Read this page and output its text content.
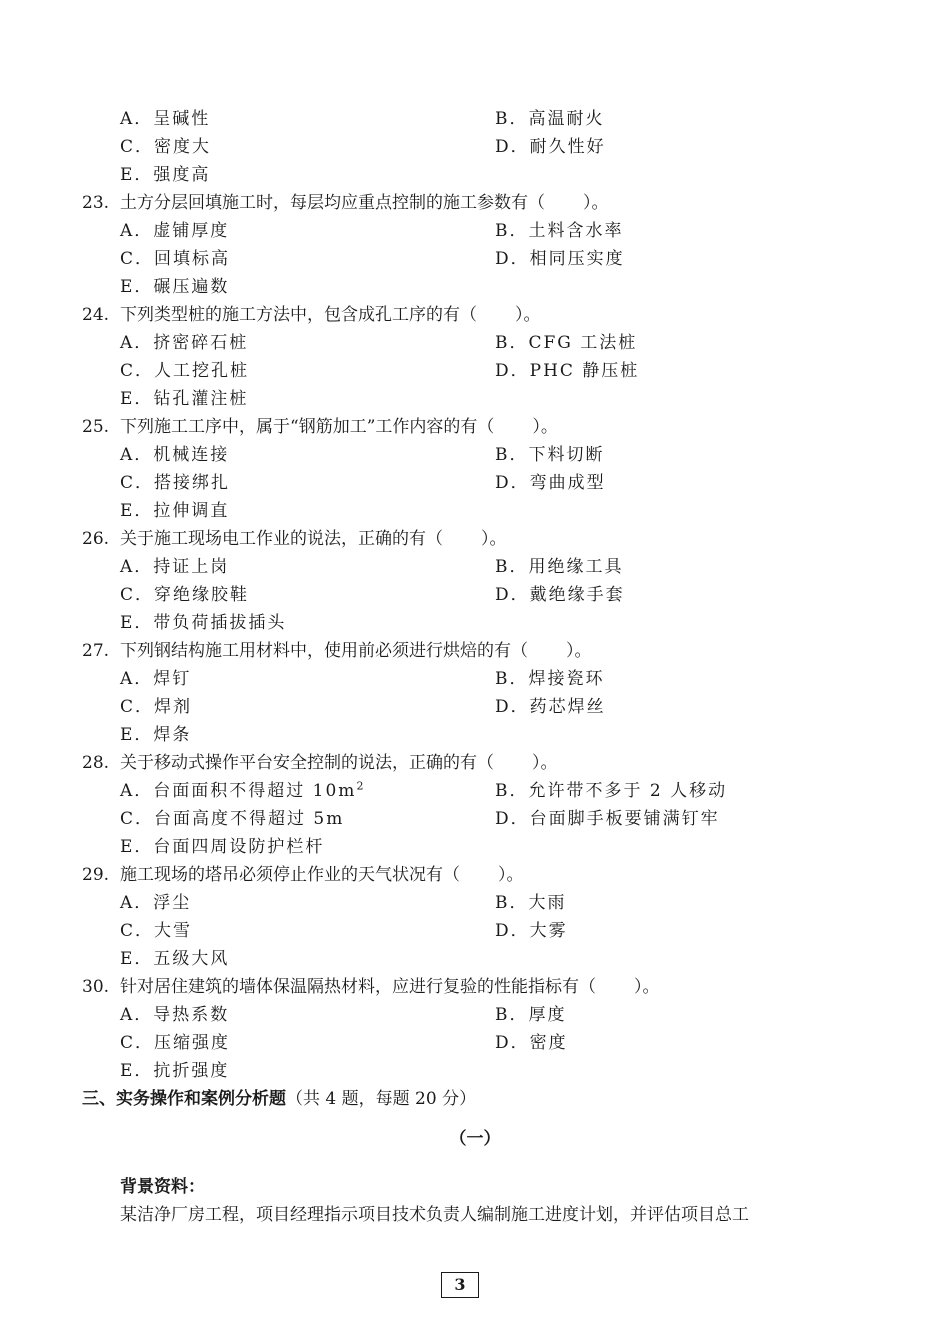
A．呈碱性	B．高温耐火
C．密度大	D．耐久性好
E．强度高
23. 土方分层回填施工时，每层均应重点控制的施工参数有（ ）。
A．虚铺厚度	B．土料含水率
C．回填标高	D．相同压实度
E．碾压遍数
24. 下列类型桩的施工方法中，包含成孔工序的有（ ）。
A．挤密碎石桩	B．CFG 工法桩
C．人工挖孔桩	D．PHC 静压桩
E．钻孔灌注桩
25. 下列施工工序中，属于“钢筋加工”工作内容的有（ ）。
A．机械连接	B．下料切断
C．搭接绑扎	D．弯曲成型
E．拉伸调直
26. 关于施工现场电工作业的说法，正确的有（ ）。
A．持证上岗	B．用绝缘工具
C．穿绝缘胶鞋	D．戴绝缘手套
E．带负荷插拔插头
27. 下列钢结构施工用材料中，使用前必须进行烘焙的有（ ）。
A．焊钉	B．焊接瓷环
C．焊剂	D．药芯焊丝
E．焊条
28. 关于移动式操作平台安全控制的说法，正确的有（ ）。
A．台面面积不得超过 $10m^2$	B．允许带不多于 2 人移动
C．台面高度不得超过 5m	D．台面脚手板要铺满钉牢
E．台面四周设防护栏杆
29. 施工现场的塔吊必须停止作业的天气状况有（ ）。
A．浮尘	B．大雨
C．大雪	D．大雾
E．五级大风
30. 针对居住建筑的墙体保温隔热材料，应进行复验的性能指标有（ ）。
A．导热系数	B．厚度
C．压缩强度	D．密度
E．抗折强度
三、实务操作和案例分析题（共 4 题，每题 20 分）
（一）
背景资料：
某洁净厂房工程，项目经理指示项目技术负责人编制施工进度计划，并评估项目总工
3
